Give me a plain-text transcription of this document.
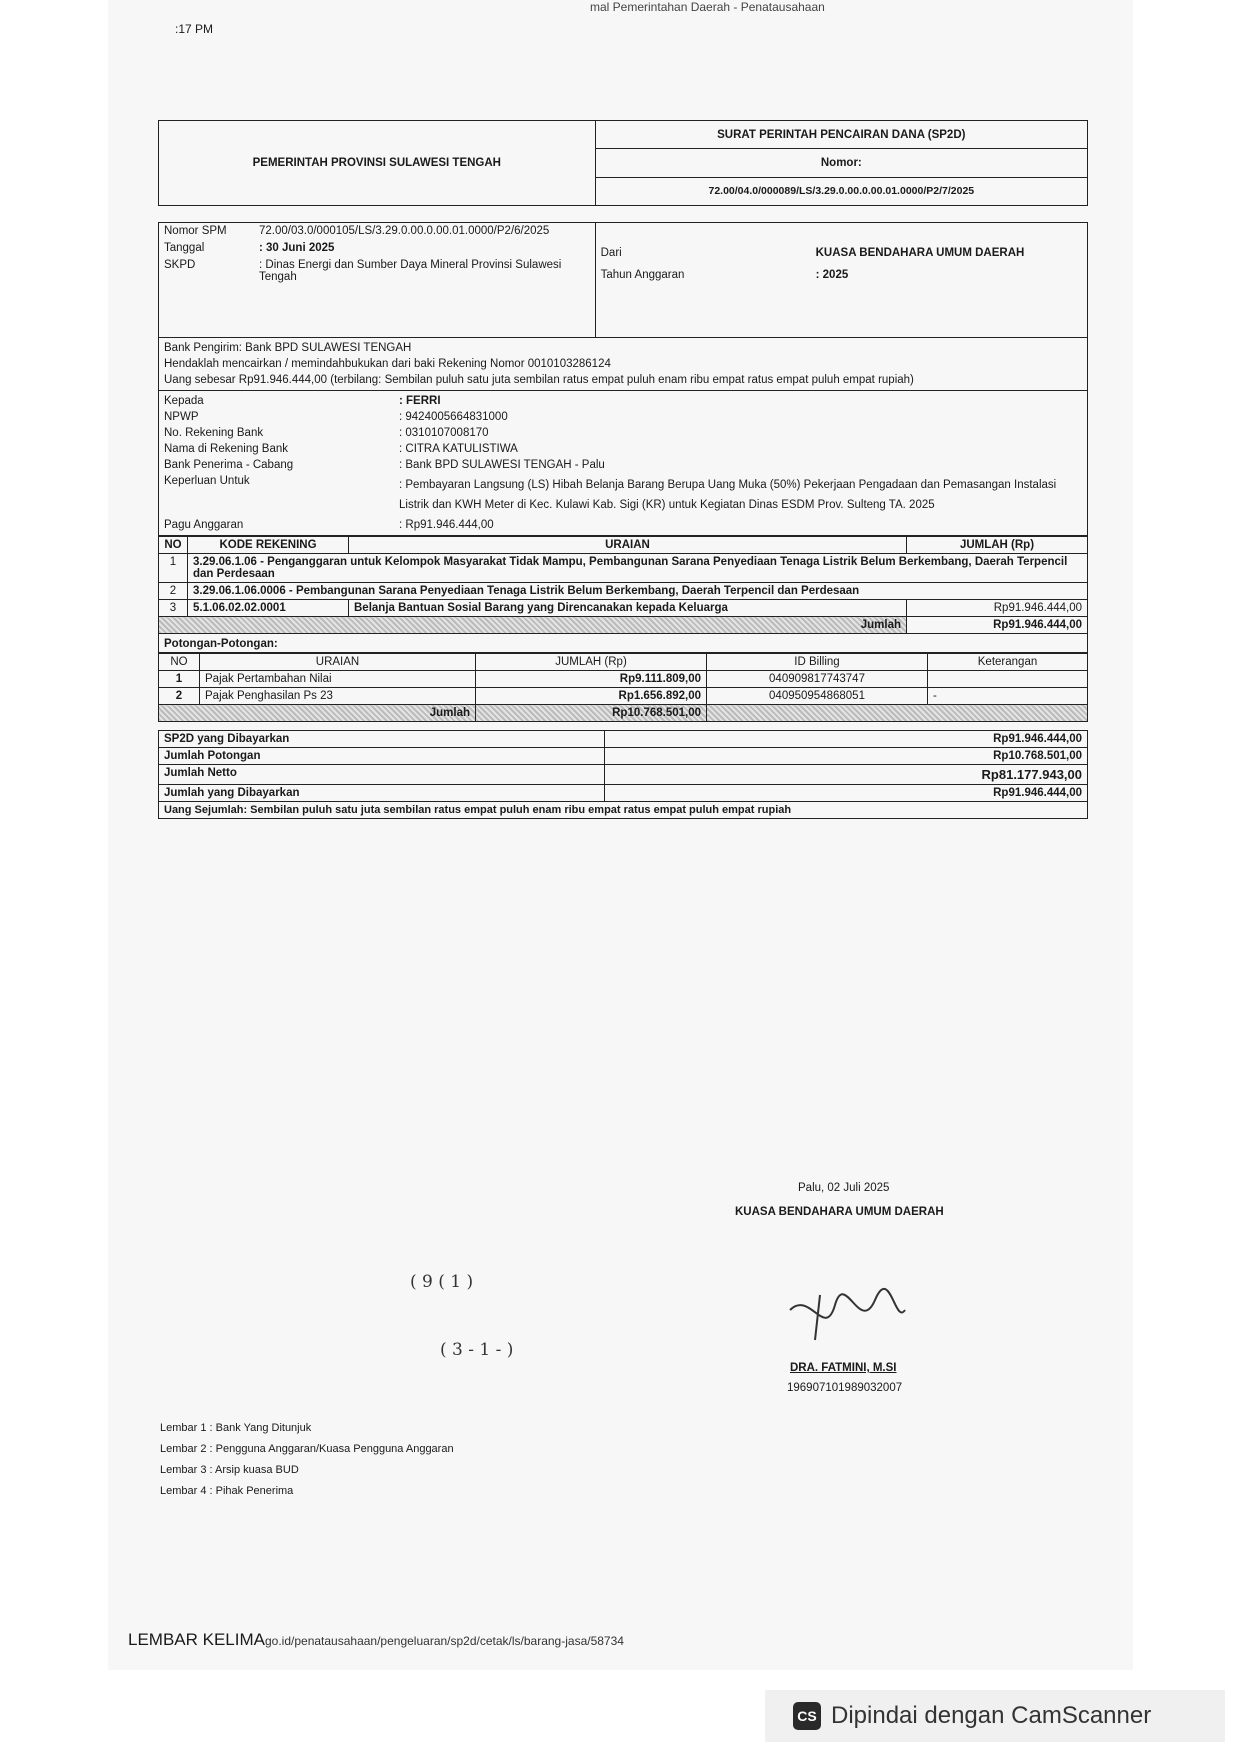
:17 PM
mal Pemerintahan Daerah - Penatausahaan
PEMERINTAH PROVINSI SULAWESI TENGAH	SURAT PERINTAH PENCAIRAN DANA (SP2D)
Nomor:
72.00/04.0/000089/LS/3.29.0.00.0.00.01.0000/P2/7/2025
Nomor SPM	72.00/03.0/000105/LS/3.29.0.00.0.00.01.0000/P2/6/2025
Tanggal	: 30 Juni 2025
SKPD	: Dinas Energi dan Sumber Daya Mineral Provinsi Sulawesi Tengah

Dari	KUASA BENDAHARA UMUM DAERAH
Tahun Anggaran	: 2025
Bank Pengirim: Bank BPD SULAWESI TENGAH
Hendaklah mencairkan / memindahbukukan dari baki Rekening Nomor 0010103286124
Uang sebesar Rp91.946.444,00 (terbilang: Sembilan puluh satu juta sembilan ratus empat puluh enam ribu empat ratus empat puluh empat rupiah)
Kepada	: FERRI
NPWP	: 9424005664831000
No. Rekening Bank	: 0310107008170
Nama di Rekening Bank	: CITRA KATULISTIWA
Bank Penerima - Cabang	: Bank BPD SULAWESI TENGAH - Palu
Keperluan Untuk	: Pembayaran Langsung (LS) Hibah Belanja Barang Berupa Uang Muka (50%) Pekerjaan Pengadaan dan Pemasangan Instalasi Listrik dan KWH Meter di Kec. Kulawi Kab. Sigi (KR) untuk Kegiatan Dinas ESDM Prov. Sulteng TA. 2025
Pagu Anggaran	: Rp91.946.444,00
NO	KODE REKENING	URAIAN	JUMLAH (Rp)
1	3.29.06.1.06 - Penganggaran untuk Kelompok Masyarakat Tidak Mampu, Pembangunan Sarana Penyediaan Tenaga Listrik Belum Berkembang, Daerah Terpencil dan Perdesaan		
2	3.29.06.1.06.0006 - Pembangunan Sarana Penyediaan Tenaga Listrik Belum Berkembang, Daerah Terpencil dan Perdesaan		
3	5.1.06.02.02.0001	Belanja Bantuan Sosial Barang yang Direncanakan kepada Keluarga	Rp91.946.444,00
Jumlah			Rp91.946.444,00
Potongan-Potongan:
NO	URAIAN	JUMLAH (Rp)	ID Billing	Keterangan
1	Pajak Pertambahan Nilai	Rp9.111.809,00	040909817743747	
2	Pajak Penghasilan Ps 23	Rp1.656.892,00	040950954868051	-
Jumlah		Rp10.768.501,00		
SP2D yang Dibayarkan	Rp91.946.444,00
Jumlah Potongan	Rp10.768.501,00
Jumlah Netto	Rp81.177.943,00
Jumlah yang Dibayarkan	Rp91.946.444,00
Uang Sejumlah: Sembilan puluh satu juta sembilan ratus empat puluh enam ribu empat ratus empat puluh empat rupiah	
Palu, 02 Juli 2025
KUASA BENDAHARA UMUM DAERAH
DRA. FATMINI, M.SI
196907101989032007
( 9 ( 1 )
( 3 - 1 - )
Lembar 1 : Bank Yang Ditunjuk
Lembar 2 : Pengguna Anggaran/Kuasa Pengguna Anggaran
Lembar 3 : Arsip kuasa BUD
Lembar 4 : Pihak Penerima
LEMBAR KELIMAgo.id/penatausahaan/pengeluaran/sp2d/cetak/ls/barang-jasa/58734
CS Dipindai dengan CamScanner
